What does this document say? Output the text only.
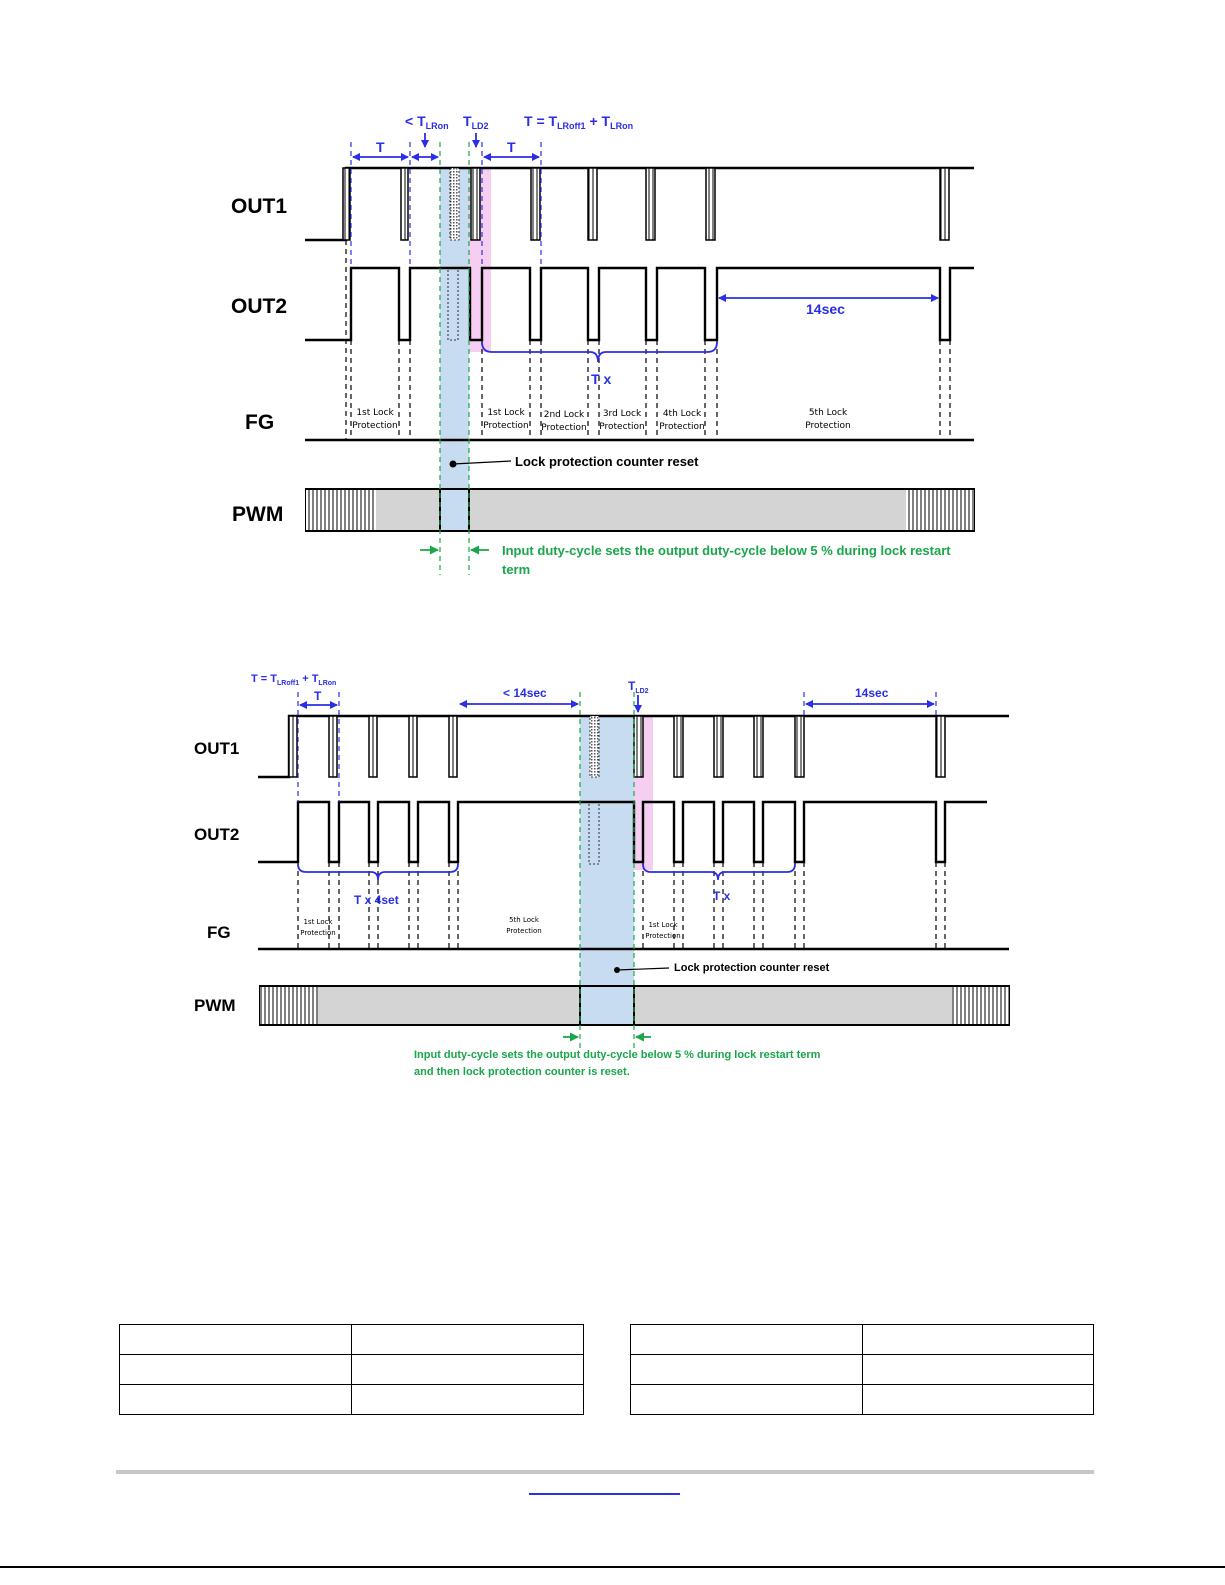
OUT1
OUT2
FG
PWM
T
< $T_{LRon}$ $T_{LD2}$
T
$T = T_{LRoff1} + T_{LRon}$
14sec
T x
1st Lock Protection
1st Lock Protection
2nd Lock Protection
3rd Lock Protection
4th Lock Protection
5th Lock Protection
Lock protection counter reset
Input duty-cycle sets the output duty-cycle below 5 % during lock restart
term
OUT1
OUT2
FG
PWM
$T = T_{LRoff1} + T_{LRon}$
T	< 14sec	$T_{LD2}$	14sec
T x 4set	T x
1st Lock Protection
5th Lock Protection
1st Lock Protection
Lock protection counter reset
Input duty-cycle sets the output duty-cycle below 5 % during lock restart term
and then lock protection counter is reset.
